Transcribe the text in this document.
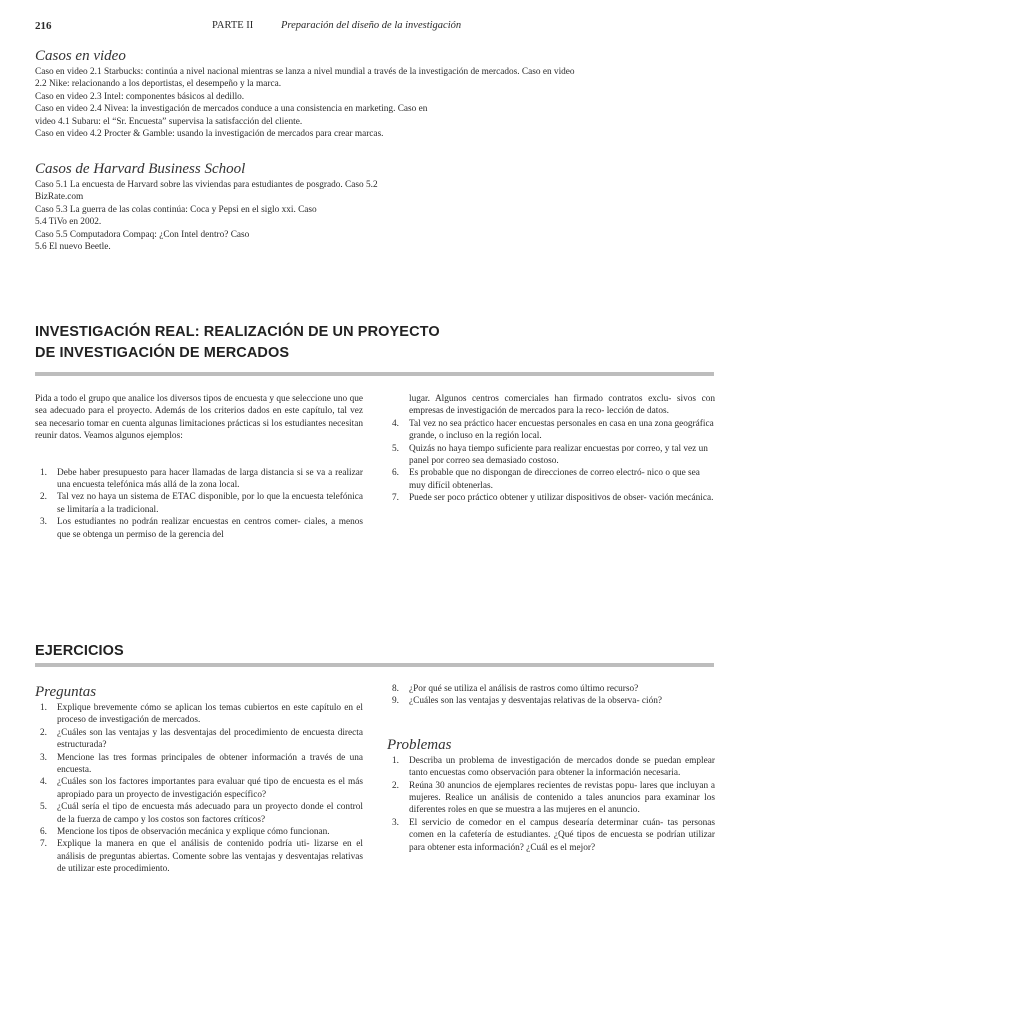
216	PARTE II	Preparación del diseño de la investigación
Casos en video
Caso en video 2.1 Starbucks: continúa a nivel nacional mientras se lanza a nivel mundial a través de la investigación de mercados. Caso en video
2.2 Nike: relacionando a los deportistas, el desempeño y la marca.
Caso en video 2.3 Intel: componentes básicos al dedillo.
Caso en video 2.4 Nivea: la investigación de mercados conduce a una consistencia en marketing. Caso en
video 4.1 Subaru: el “Sr. Encuesta” supervisa la satisfacción del cliente.
Caso en video 4.2 Procter & Gamble: usando la investigación de mercados para crear marcas.
Casos de Harvard Business School
Caso 5.1 La encuesta de Harvard sobre las viviendas para estudiantes de posgrado. Caso 5.2
BizRate.com
Caso 5.3 La guerra de las colas continúa: Coca y Pepsi en el siglo xxi. Caso
5.4 TiVo en 2002.
Caso 5.5 Computadora Compaq: ¿Con Intel dentro? Caso
5.6 El nuevo Beetle.
INVESTIGACIÓN REAL: REALIZACIÓN DE UN PROYECTO
DE INVESTIGACIÓN DE MERCADOS

Pida a todo el grupo que analice los diversos tipos de encuesta y que seleccione uno que sea adecuado para el proyecto. Además de los criterios dados en este capítulo, tal vez sea necesario tomar en cuenta algunas limitaciones prácticas si los estudiantes necesitan reunir datos. Veamos algunos ejemplos:

1. Debe haber presupuesto para hacer llamadas de larga distancia si se va a realizar una encuesta telefónica más allá de la zona local.
2. Tal vez no haya un sistema de ETAC disponible, por lo que la encuesta telefónica se limitaría a la tradicional.
3. Los estudiantes no podrán realizar encuestas en centros comer- ciales, a menos que se obtenga un permiso de la gerencia del

lugar. Algunos centros comerciales han firmado contratos exclu- sivos con empresas de investigación de mercados para la reco- lección de datos.

4. Tal vez no sea práctico hacer encuestas personales en casa en una zona geográfica grande, o incluso en la región local.
5. Quizás no haya tiempo suficiente para realizar encuestas por correo, y tal vez un panel por correo sea demasiado costoso.
6. Es probable que no dispongan de direcciones de correo electró- nico o que sea muy difícil obtenerlas.
7. Puede ser poco práctico obtener y utilizar dispositivos de obser- vación mecánica.
EJERCICIOS
Preguntas
1. Explique brevemente cómo se aplican los temas cubiertos en este capítulo en el proceso de investigación de mercados.
2. ¿Cuáles son las ventajas y las desventajas del procedimiento de encuesta directa estructurada?
3. Mencione las tres formas principales de obtener información a través de una encuesta.
4. ¿Cuáles son los factores importantes para evaluar qué tipo de encuesta es el más apropiado para un proyecto de investigación específico?
5. ¿Cuál sería el tipo de encuesta más adecuado para un proyecto donde el control de la fuerza de campo y los costos son factores críticos?
6. Mencione los tipos de observación mecánica y explique cómo funcionan.
7. Explique la manera en que el análisis de contenido podría uti- lizarse en el análisis de preguntas abiertas. Comente sobre las ventajas y desventajas relativas de utilizar este procedimiento.
8. ¿Por qué se utiliza el análisis de rastros como último recurso?
9. ¿Cuáles son las ventajas y desventajas relativas de la observa- ción?
Problemas
1. Describa un problema de investigación de mercados donde se puedan emplear tanto encuestas como observación para obtener la información necesaria.
2. Reúna 30 anuncios de ejemplares recientes de revistas popu- lares que incluyan a mujeres. Realice un análisis de contenido a tales anuncios para examinar los diferentes roles en que se muestra a las mujeres en el anuncio.
3. El servicio de comedor en el campus desearía determinar cuán- tas personas comen en la cafetería de estudiantes. ¿Qué tipos de encuesta se podrían utilizar para obtener esta información? ¿Cuál es el mejor?
